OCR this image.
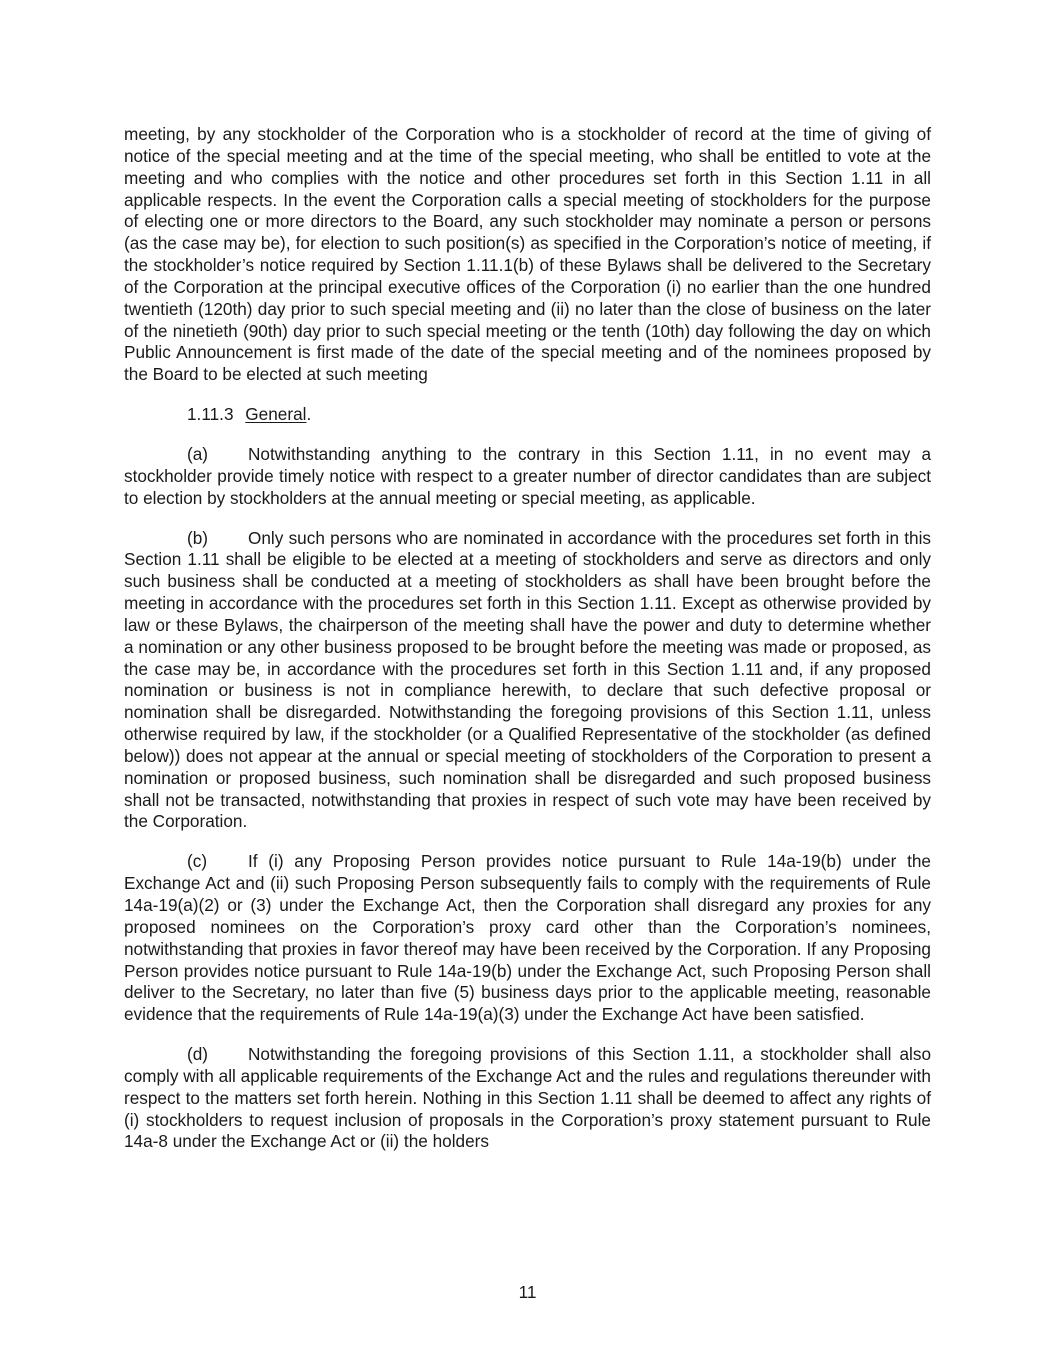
meeting, by any stockholder of the Corporation who is a stockholder of record at the time of giving of notice of the special meeting and at the time of the special meeting, who shall be entitled to vote at the meeting and who complies with the notice and other procedures set forth in this Section 1.11 in all applicable respects. In the event the Corporation calls a special meeting of stockholders for the purpose of electing one or more directors to the Board, any such stockholder may nominate a person or persons (as the case may be), for election to such position(s) as specified in the Corporation’s notice of meeting, if the stockholder’s notice required by Section 1.11.1(b) of these Bylaws shall be delivered to the Secretary of the Corporation at the principal executive offices of the Corporation (i) no earlier than the one hundred twentieth (120th) day prior to such special meeting and (ii) no later than the close of business on the later of the ninetieth (90th) day prior to such special meeting or the tenth (10th) day following the day on which Public Announcement is first made of the date of the special meeting and of the nominees proposed by the Board to be elected at such meeting

1.11.3 General.

(a) Notwithstanding anything to the contrary in this Section 1.11, in no event may a stockholder provide timely notice with respect to a greater number of director candidates than are subject to election by stockholders at the annual meeting or special meeting, as applicable.

(b) Only such persons who are nominated in accordance with the procedures set forth in this Section 1.11 shall be eligible to be elected at a meeting of stockholders and serve as directors and only such business shall be conducted at a meeting of stockholders as shall have been brought before the meeting in accordance with the procedures set forth in this Section 1.11. Except as otherwise provided by law or these Bylaws, the chairperson of the meeting shall have the power and duty to determine whether a nomination or any other business proposed to be brought before the meeting was made or proposed, as the case may be, in accordance with the procedures set forth in this Section 1.11 and, if any proposed nomination or business is not in compliance herewith, to declare that such defective proposal or nomination shall be disregarded. Notwithstanding the foregoing provisions of this Section 1.11, unless otherwise required by law, if the stockholder (or a Qualified Representative of the stockholder (as defined below)) does not appear at the annual or special meeting of stockholders of the Corporation to present a nomination or proposed business, such nomination shall be disregarded and such proposed business shall not be transacted, notwithstanding that proxies in respect of such vote may have been received by the Corporation.

(c) If (i) any Proposing Person provides notice pursuant to Rule 14a-19(b) under the Exchange Act and (ii) such Proposing Person subsequently fails to comply with the requirements of Rule 14a-19(a)(2) or (3) under the Exchange Act, then the Corporation shall disregard any proxies for any proposed nominees on the Corporation’s proxy card other than the Corporation’s nominees, notwithstanding that proxies in favor thereof may have been received by the Corporation. If any Proposing Person provides notice pursuant to Rule 14a-19(b) under the Exchange Act, such Proposing Person shall deliver to the Secretary, no later than five (5) business days prior to the applicable meeting, reasonable evidence that the requirements of Rule 14a-19(a)(3) under the Exchange Act have been satisfied.

(d) Notwithstanding the foregoing provisions of this Section 1.11, a stockholder shall also comply with all applicable requirements of the Exchange Act and the rules and regulations thereunder with respect to the matters set forth herein. Nothing in this Section 1.11 shall be deemed to affect any rights of (i) stockholders to request inclusion of proposals in the Corporation’s proxy statement pursuant to Rule 14a-8 under the Exchange Act or (ii) the holders

11
